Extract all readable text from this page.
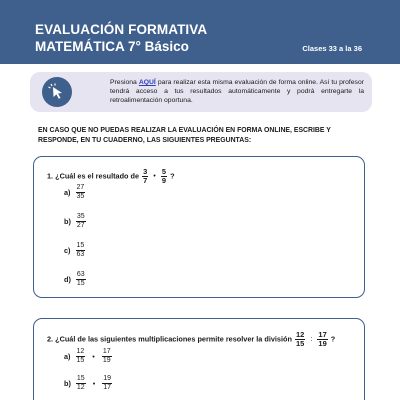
EVALUACIÓN FORMATIVA
MATEMÁTICA 7° Básico	Clases 33 a la 36
Presiona AQUÍ para realizar esta misma evaluación de forma online. Así tu profesor tendrá acceso a tus resultados automáticamente y podrá entregarte la retroalimentación oportuna.
EN CASO QUE NO PUEDAS REALIZAR LA EVALUACIÓN EN FORMA ONLINE, ESCRIBE Y RESPONDE, EN TU CUADERNO, LAS SIGUIENTES PREGUNTAS:
1. ¿Cuál es el resultado de $\frac{3}{7}$ • $\frac{5}{9}$ ?
$a) \frac{27}{35}$
$b) \frac{35}{27}$
$c) \frac{15}{63}$
$d) \frac{63}{15}$
2. ¿Cuál de las siguientes multiplicaciones permite resolver la división $\frac{12}{15}$ : $\frac{17}{19}$ ?
$a) \frac{12}{15}$ • $\frac{17}{19}$
$b) \frac{15}{12}$ • $\frac{19}{17}$
